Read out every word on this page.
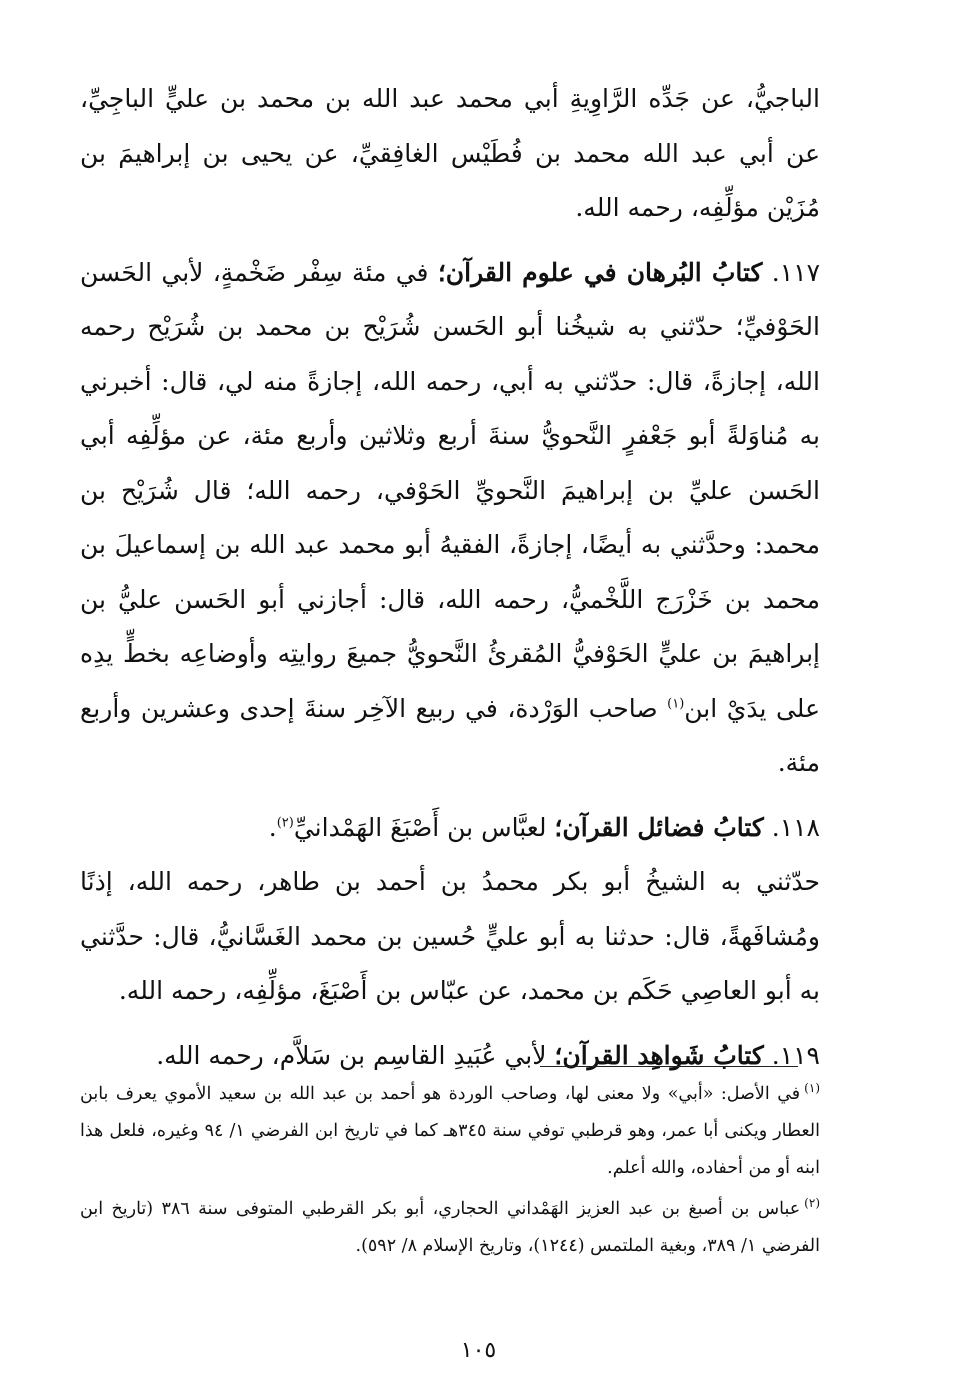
الباجيُّ، عن جَدِّه الرَّاوِيةِ أبي محمد عبد الله بن محمد بن عليٍّ الباجِيِّ، عن أبي عبد الله محمد بن فُطَيْس الغافِقيِّ، عن يحيى بن إبراهيمَ بن مُزَيْن مؤلِّفِه، رحمه الله.

١١٧. كتابُ البُرهان في علوم القرآن؛ في مئة سِفْر ضَخْمةٍ، لأبي الحَسن الحَوْفيِّ؛ حدّثني به شيخُنا أبو الحَسن شُرَيْح بن محمد بن شُرَيْح رحمه الله، إجازةً، قال: حدّثني به أبي، رحمه الله، إجازةً منه لي، قال: أخبرني به مُناوَلةً أبو جَعْفرٍ النَّحويُّ سنةَ أربع وثلاثين وأربع مئة، عن مؤلِّفِه أبي الحَسن عليِّ بن إبراهيمَ النَّحويِّ الحَوْفي، رحمه الله؛ قال شُرَيْح بن محمد: وحدَّثني به أيضًا، إجازةً، الفقيهُ أبو محمد عبد الله بن إسماعيلَ بن محمد بن خَزْرَج اللَّخْميُّ، رحمه الله، قال: أجازني أبو الحَسن عليُّ بن إبراهيمَ بن عليٍّ الحَوْفيُّ المُقرئُ النَّحويُّ جميعَ روايتِه وأوضاعِه بخطٍّ يدِه على يدَيْ ابن$^{(١)}$ صاحب الوَرْدة، في ربيع الآخِر سنةَ إحدى وعشرين وأربع مئة.

١١٨. كتابُ فضائل القرآن؛ لعبَّاس بن أَصْبَغَ الهَمْدانيِّ$^{(٢)}$.

حدّثني به الشيخُ أبو بكر محمدُ بن أحمد بن طاهر، رحمه الله، إذنًا ومُشافَهةً، قال: حدثنا به أبو عليٍّ حُسين بن محمد الغَسَّانيُّ، قال: حدَّثني به أبو العاصِي حَكَم بن محمد، عن عبّاس بن أَصْبَغَ، مؤلِّفِه، رحمه الله.

١١٩. كتابُ شَواهِد القرآن؛ لأبي عُبَيدِ القاسِم بن سَلاَّم، رحمه الله.

$^{(١)}$في الأصل: «أبي» ولا معنى لها، وصاحب الوردة هو أحمد بن عبد الله بن سعيد الأموي يعرف بابن العطار ويكنى أبا عمر، وهو قرطبي توفي سنة ٣٤٥هـ كما في تاريخ ابن الفرضي ١/ ٩٤ وغيره، فلعل هذا ابنه أو من أحفاده، والله أعلم.

$^{(٢)}$عباس بن أصبغ بن عبد العزيز الهَمْداني الحجاري، أبو بكر القرطبي المتوفى سنة ٣٨٦ (تاريخ ابن الفرضي ١/ ٣٨٩، وبغية الملتمس (١٢٤٤)، وتاريخ الإسلام ٨/ ٥٩٢).

١٠٥
